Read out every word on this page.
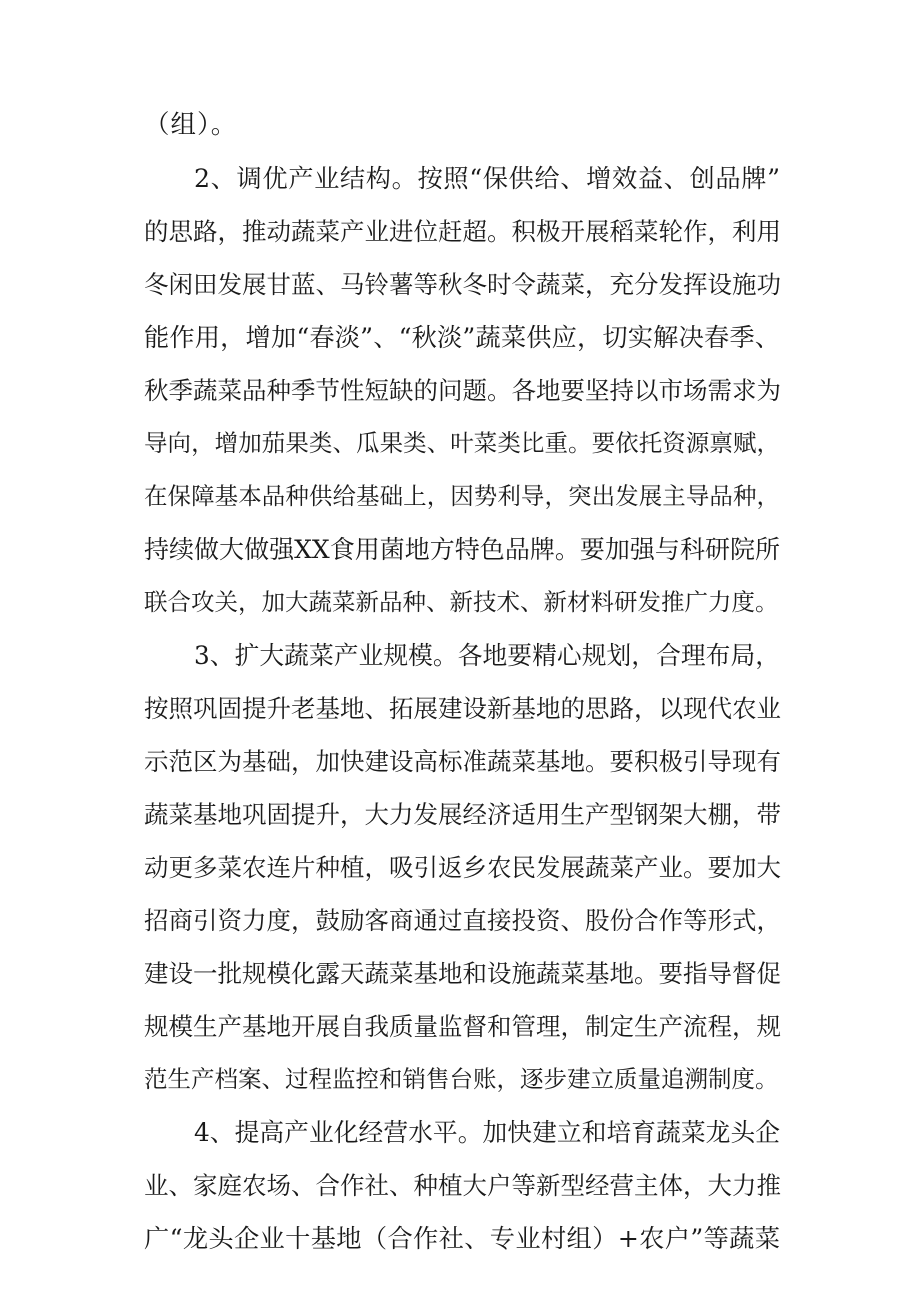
（组）。
2、调优产业结构。按照“保供给、增效益、创品牌”
的思路，推动蔬菜产业进位赶超。积极开展稻菜轮作，利用
冬闲田发展甘蓝、马铃薯等秋冬时令蔬菜，充分发挥设施功
能作用，增加“春淡”、“秋淡”蔬菜供应，切实解决春季、
秋季蔬菜品种季节性短缺的问题。各地要坚持以市场需求为
导向，增加茄果类、瓜果类、叶菜类比重。要依托资源禀赋，
在保障基本品种供给基础上，因势利导，突出发展主导品种，
持续做大做强XX食用菌地方特色品牌。要加强与科研院所
联合攻关，加大蔬菜新品种、新技术、新材料研发推广力度。
3、扩大蔬菜产业规模。各地要精心规划，合理布局，
按照巩固提升老基地、拓展建设新基地的思路，以现代农业
示范区为基础，加快建设高标准蔬菜基地。要积极引导现有
蔬菜基地巩固提升，大力发展经济适用生产型钢架大棚，带
动更多菜农连片种植，吸引返乡农民发展蔬菜产业。要加大
招商引资力度，鼓励客商通过直接投资、股份合作等形式，
建设一批规模化露天蔬菜基地和设施蔬菜基地。要指导督促
规模生产基地开展自我质量监督和管理，制定生产流程，规
范生产档案、过程监控和销售台账，逐步建立质量追溯制度。
4、提高产业化经营水平。加快建立和培育蔬菜龙头企
业、家庭农场、合作社、种植大户等新型经营主体，大力推
广“龙头企业十基地（合作社、专业村组）+农户”等蔬菜
